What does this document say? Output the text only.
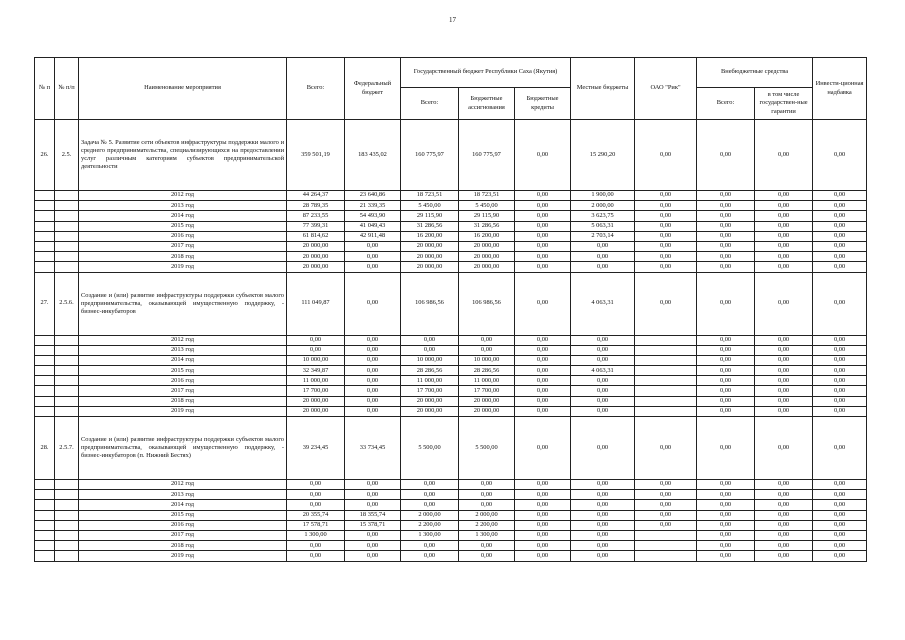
17
№ п	№ п/п	Наименование мероприятия	Всего:	Федеральный бюджет	Государственный бюджет Республики Саха (Якутия)			Местные бюджеты	ОАО "Рик"	Внебюджетные средства		Инвести-ционная надбавка
					Всего:	Бюджетные ассигнования	Бюджетные кредиты			Всего:	в том числе государствен-ные гарантии	
26.	2.5.	Задача № 5. Развитие сети объектов инфраструктуры поддержки малого и среднего предпринимательства, специализирующихся на предоставлении услуг различным категориям субъектов предпринимательской деятельности	359 501,19	183 435,02	160 775,97	160 775,97	0,00	15 290,20	0,00	0,00	0,00	0,00
		2012 год	44 264,37	23 640,86	18 723,51	18 723,51	0,00	1 900,00	0,00	0,00	0,00	0,00
		2013 год	28 789,35	21 339,35	5 450,00	5 450,00	0,00	2 000,00	0,00	0,00	0,00	0,00
		2014 год	87 233,55	54 493,90	29 115,90	29 115,90	0,00	3 623,75	0,00	0,00	0,00	0,00
		2015 год	77 399,31	41 049,43	31 286,56	31 286,56	0,00	5 063,31	0,00	0,00	0,00	0,00
		2016 год	61 814,62	42 911,48	16 200,00	16 200,00	0,00	2 703,14	0,00	0,00	0,00	0,00
		2017 год	20 000,00	0,00	20 000,00	20 000,00	0,00	0,00	0,00	0,00	0,00	0,00
		2018 год	20 000,00	0,00	20 000,00	20 000,00	0,00	0,00	0,00	0,00	0,00	0,00
		2019 год	20 000,00	0,00	20 000,00	20 000,00	0,00	0,00	0,00	0,00	0,00	0,00
27.	2.5.6.	Создание и (или) развитие инфраструктуры поддержки субъектов малого предпринимательства, оказывающей имущественную поддержку, - бизнес-инкубаторов	111 049,87	0,00	106 986,56	106 986,56	0,00	4 063,31	0,00	0,00	0,00	0,00
		2012 год	0,00	0,00	0,00	0,00	0,00	0,00		0,00	0,00	0,00
		2013 год	0,00	0,00	0,00	0,00	0,00	0,00		0,00	0,00	0,00
		2014 год	10 000,00	0,00	10 000,00	10 000,00	0,00	0,00		0,00	0,00	0,00
		2015 год	32 349,87	0,00	28 286,56	28 286,56	0,00	4 063,31		0,00	0,00	0,00
		2016 год	11 000,00	0,00	11 000,00	11 000,00	0,00	0,00		0,00	0,00	0,00
		2017 год	17 700,00	0,00	17 700,00	17 700,00	0,00	0,00		0,00	0,00	0,00
		2018 год	20 000,00	0,00	20 000,00	20 000,00	0,00	0,00		0,00	0,00	0,00
		2019 год	20 000,00	0,00	20 000,00	20 000,00	0,00	0,00		0,00	0,00	0,00
28.	2.5.7.	Создание и (или) развитие инфраструктуры поддержки субъектов малого предпринимательства, оказывающей имущественную поддержку, - бизнес-инкубаторов (п. Нижний Бестях)	39 234,45	33 734,45	5 500,00	5 500,00	0,00	0,00	0,00	0,00	0,00	0,00
		2012 год	0,00	0,00	0,00	0,00	0,00	0,00	0,00	0,00	0,00	0,00
		2013 год	0,00	0,00	0,00	0,00	0,00	0,00	0,00	0,00	0,00	0,00
		2014 год	0,00	0,00	0,00	0,00	0,00	0,00	0,00	0,00	0,00	0,00
		2015 год	20 355,74	18 355,74	2 000,00	2 000,00	0,00	0,00	0,00	0,00	0,00	0,00
		2016 год	17 578,71	15 378,71	2 200,00	2 200,00	0,00	0,00	0,00	0,00	0,00	0,00
		2017 год	1 300,00	0,00	1 300,00	1 300,00	0,00	0,00		0,00	0,00	0,00
		2018 год	0,00	0,00	0,00	0,00	0,00	0,00		0,00	0,00	0,00
		2019 год	0,00	0,00	0,00	0,00	0,00	0,00		0,00	0,00	0,00
